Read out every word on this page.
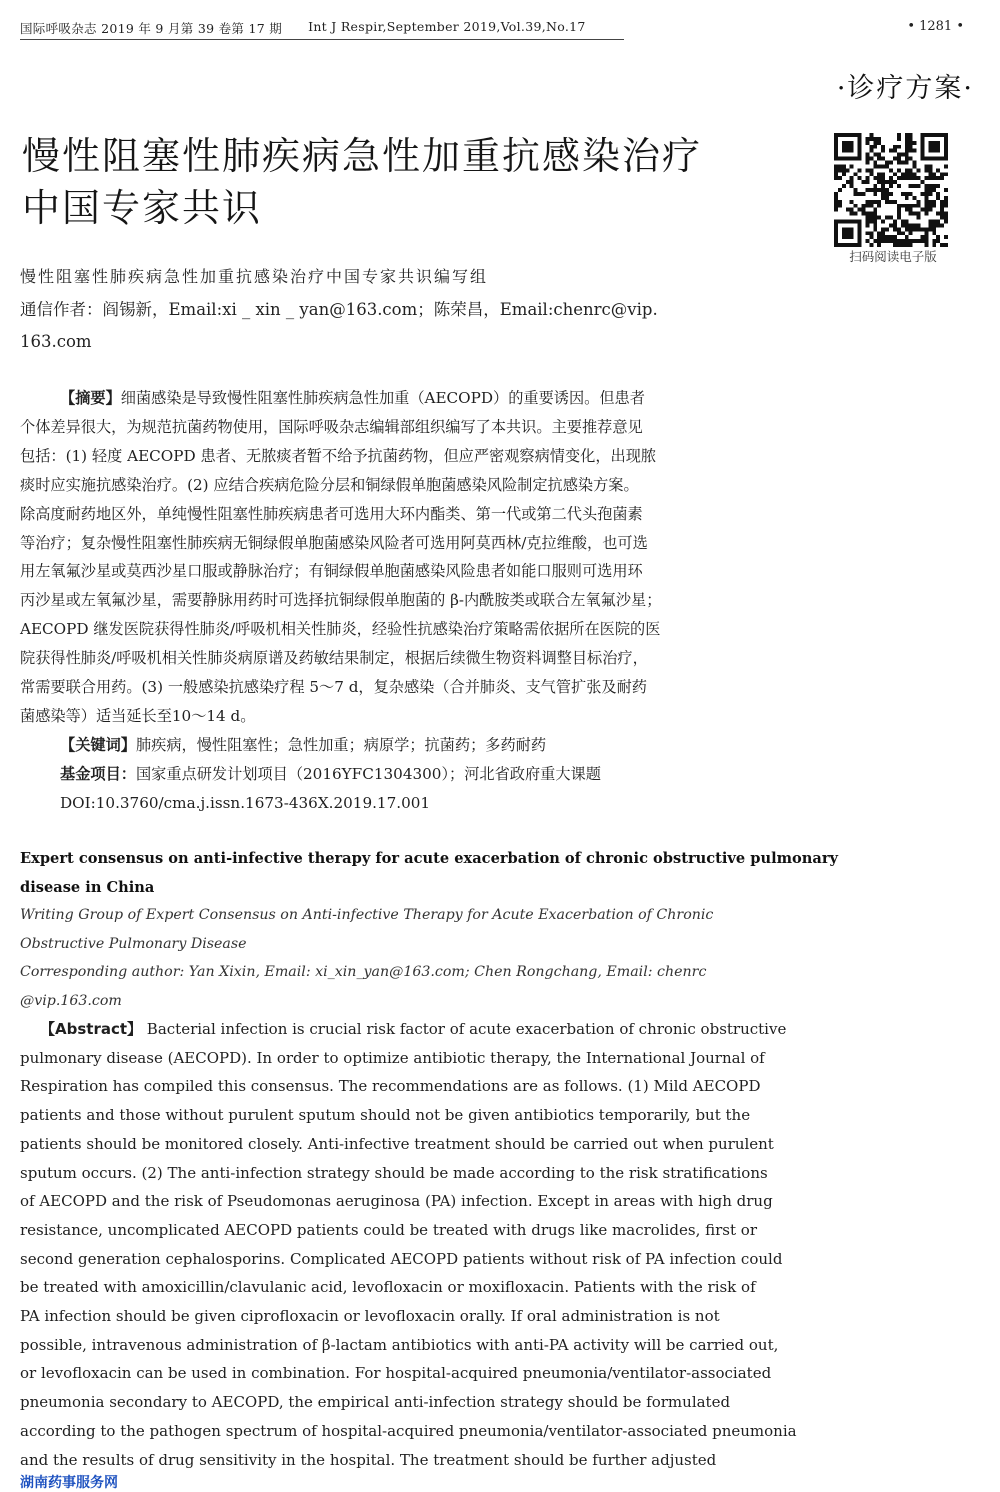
国际呼吸杂志 2019 年 9 月第 39 卷第 17 期 Int J Respir,September 2019,Vol.39,No.17	• 1281 •
·诊疗方案·
扫码阅读电子版
慢性阻塞性肺疾病急性加重抗感染治疗
中国专家共识
慢性阻塞性肺疾病急性加重抗感染治疗中国专家共识编写组
通信作者：阎锡新，Email:xi _ xin _ yan@163.com；陈荣昌，Email:chenrc@vip.
163.com
【摘要】细菌感染是导致慢性阻塞性肺疾病急性加重（AECOPD）的重要诱因。但患者
个体差异很大，为规范抗菌药物使用，国际呼吸杂志编辑部组织编写了本共识。主要推荐意见
包括：(1) 轻度 AECOPD 患者、无脓痰者暂不给予抗菌药物，但应严密观察病情变化，出现脓
痰时应实施抗感染治疗。(2) 应结合疾病危险分层和铜绿假单胞菌感染风险制定抗感染方案。
除高度耐药地区外，单纯慢性阻塞性肺疾病患者可选用大环内酯类、第一代或第二代头孢菌素
等治疗；复杂慢性阻塞性肺疾病无铜绿假单胞菌感染风险者可选用阿莫西林/克拉维酸，也可选
用左氧氟沙星或莫西沙星口服或静脉治疗；有铜绿假单胞菌感染风险患者如能口服则可选用环
丙沙星或左氧氟沙星，需要静脉用药时可选择抗铜绿假单胞菌的 β-内酰胺类或联合左氧氟沙星；
AECOPD 继发医院获得性肺炎/呼吸机相关性肺炎，经验性抗感染治疗策略需依据所在医院的医
院获得性肺炎/呼吸机相关性肺炎病原谱及药敏结果制定，根据后续微生物资料调整目标治疗，
常需要联合用药。(3) 一般感染抗感染疗程 5～7 d，复杂感染（合并肺炎、支气管扩张及耐药
菌感染等）适当延长至10～14 d。
【关键词】肺疾病，慢性阻塞性；急性加重；病原学；抗菌药；多药耐药
基金项目：国家重点研发计划项目（2016YFC1304300）；河北省政府重大课题
DOI:10.3760/cma.j.issn.1673-436X.2019.17.001
Expert consensus on anti-infective therapy for acute exacerbation of chronic obstructive pulmonary
disease in China
Writing Group of Expert Consensus on Anti-infective Therapy for Acute Exacerbation of Chronic
Obstructive Pulmonary Disease
Corresponding author: Yan Xixin, Email: xi_xin_yan@163.com; Chen Rongchang, Email: chenrc
@vip.163.com
【Abstract】 Bacterial infection is crucial risk factor of acute exacerbation of chronic obstructive
pulmonary disease (AECOPD). In order to optimize antibiotic therapy, the International Journal of
Respiration has compiled this consensus. The recommendations are as follows. (1) Mild AECOPD
patients and those without purulent sputum should not be given antibiotics temporarily, but the
patients should be monitored closely. Anti-infective treatment should be carried out when purulent
sputum occurs. (2) The anti-infection strategy should be made according to the risk stratifications
of AECOPD and the risk of Pseudomonas aeruginosa (PA) infection. Except in areas with high drug
resistance, uncomplicated AECOPD patients could be treated with drugs like macrolides, first or
second generation cephalosporins. Complicated AECOPD patients without risk of PA infection could
be treated with amoxicillin/clavulanic acid, levofloxacin or moxifloxacin. Patients with the risk of
PA infection should be given ciprofloxacin or levofloxacin orally. If oral administration is not
possible, intravenous administration of β-lactam antibiotics with anti-PA activity will be carried out,
or levofloxacin can be used in combination. For hospital-acquired pneumonia/ventilator-associated
pneumonia secondary to AECOPD, the empirical anti-infection strategy should be formulated
according to the pathogen spectrum of hospital-acquired pneumonia/ventilator-associated pneumonia
and the results of drug sensitivity in the hospital. The treatment should be further adjusted
湖南药事服务网
